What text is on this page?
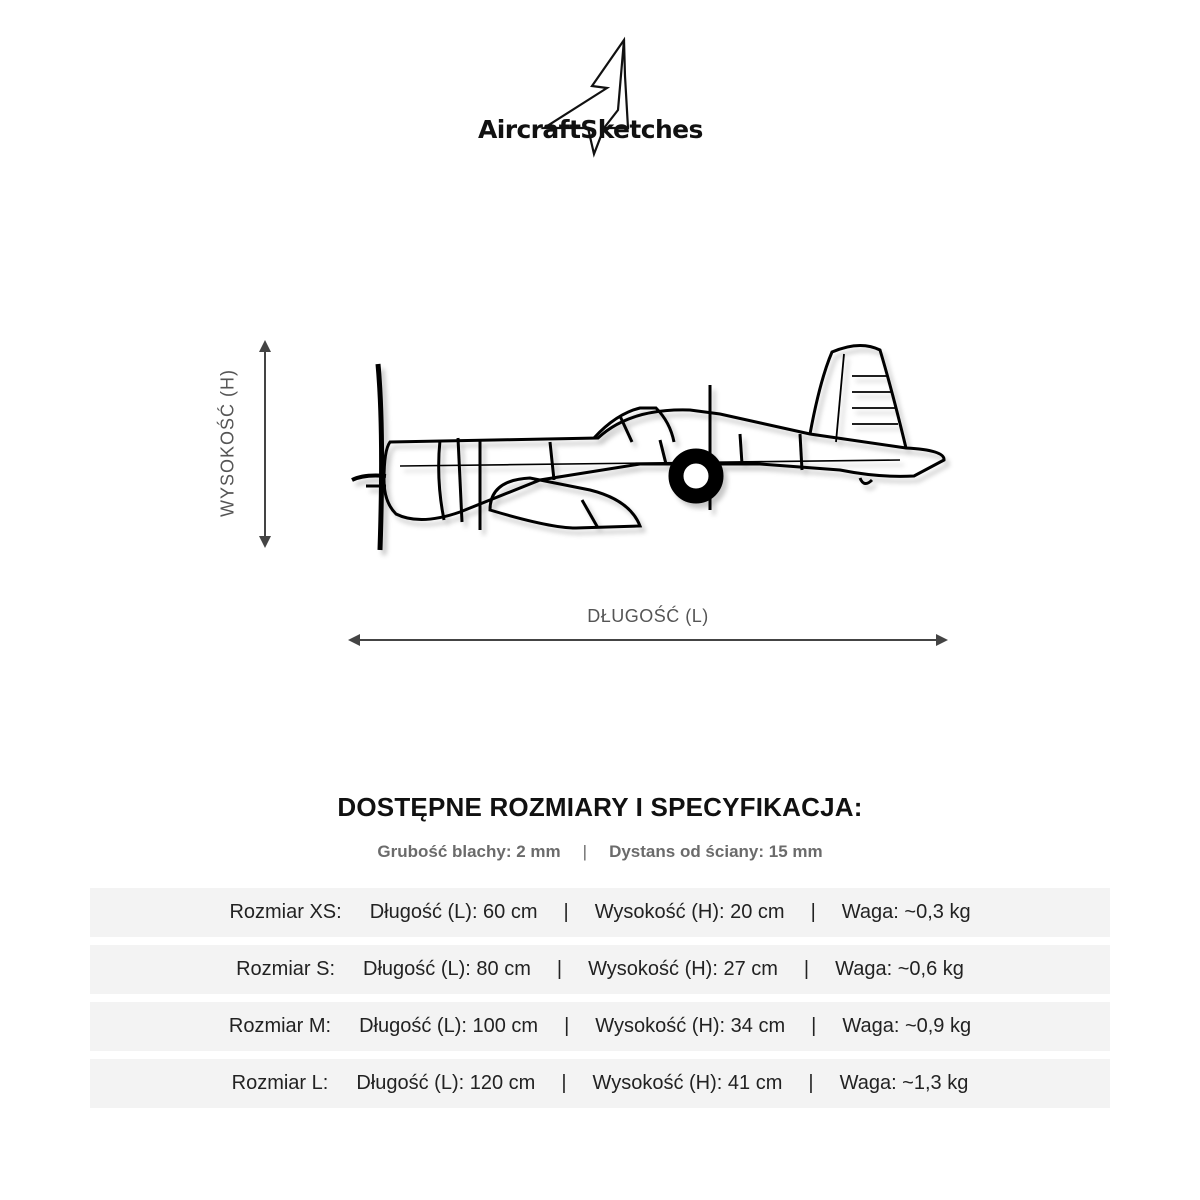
AircraftSketches
WYSOKOŚĆ (H)
DŁUGOŚĆ (L)
DOSTĘPNE ROZMIARY I SPECYFIKACJA:
Grubość blachy: 2 mm | Dystans od ściany: 15 mm
Rozmiar XS: Długość (L): 60 cm | Wysokość (H): 20 cm | Waga: ~0,3 kg
Rozmiar S: Długość (L): 80 cm | Wysokość (H): 27 cm | Waga: ~0,6 kg
Rozmiar M: Długość (L): 100 cm | Wysokość (H): 34 cm | Waga: ~0,9 kg
Rozmiar L: Długość (L): 120 cm | Wysokość (H): 41 cm | Waga: ~1,3 kg
